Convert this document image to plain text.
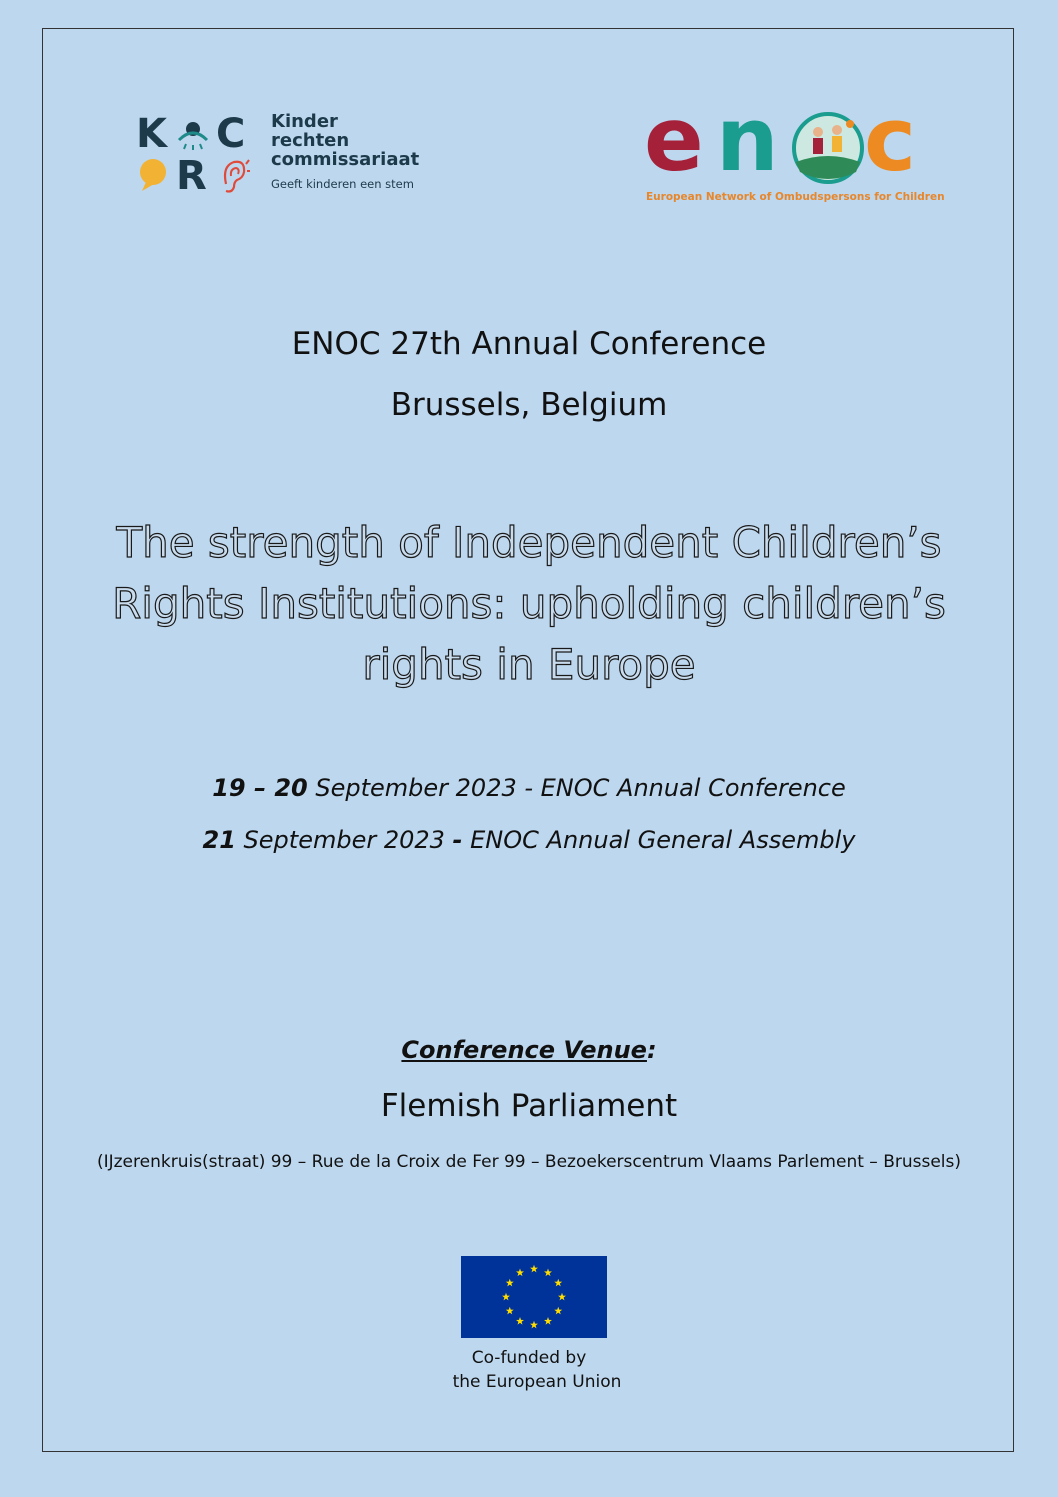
K C
R
Kinder
rechten
commissariaat
Geeft kinderen een stem	e n c
European Network of Ombudspersons for Children
ENOC 27th Annual Conference
Brussels, Belgium
The strength of Independent Children’s
Rights Institutions: upholding children’s
rights in Europe
19 – 20 September 2023 - ENOC Annual Conference
21 September 2023 - ENOC Annual General Assembly
Conference Venue:
Flemish Parliament
(IJzerenkruis(straat) 99 – Rue de la Croix de Fer 99 – Bezoekerscentrum Vlaams Parlement – Brussels)
Co-funded by
the European Union
